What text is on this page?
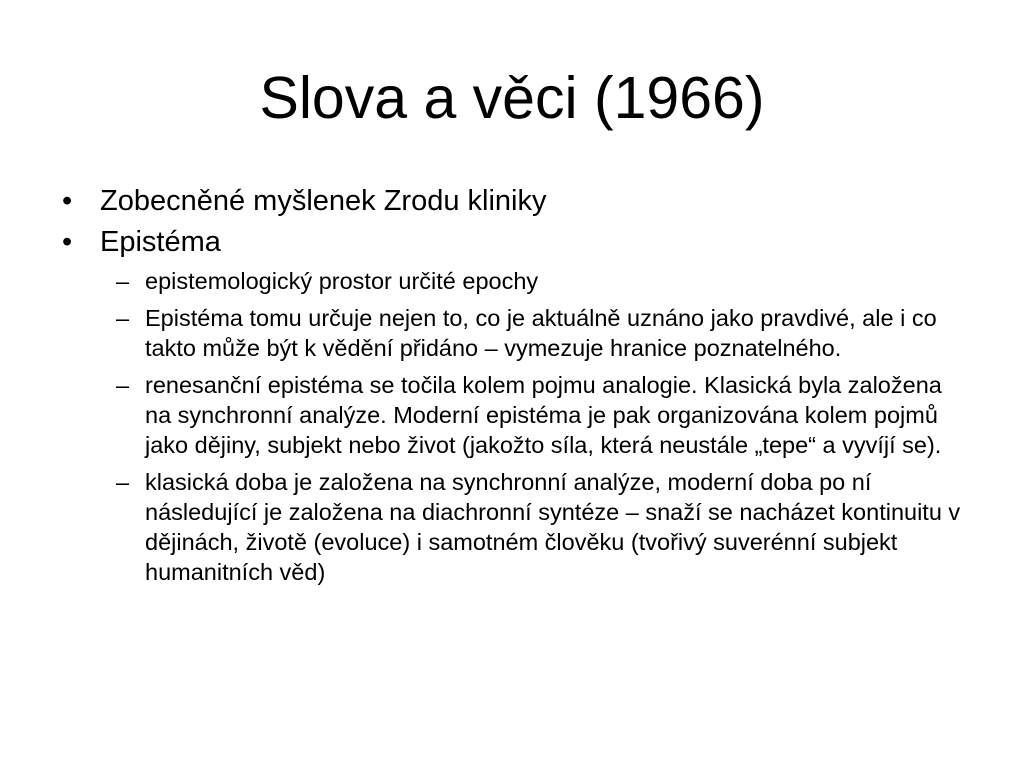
Slova a věci (1966)
• Zobecněné myšlenek Zrodu kliniky
• Epistéma
– epistemologický prostor určité epochy
– Epistéma tomu určuje nejen to, co je aktuálně uznáno jako pravdivé, ale i co takto může být k vědění přidáno – vymezuje hranice poznatelného.
– renesanční epistéma se točila kolem pojmu analogie. Klasická byla založena na synchronní analýze. Moderní epistéma je pak organizována kolem pojmů jako dějiny, subjekt nebo život (jakožto síla, která neustále „tepe“ a vyvíjí se).
– klasická doba je založena na synchronní analýze, moderní doba po ní následující je založena na diachronní syntéze – snaží se nacházet kontinuitu v dějinách, životě (evoluce) i samotném člověku (tvořivý suverénní subjekt humanitních věd)
